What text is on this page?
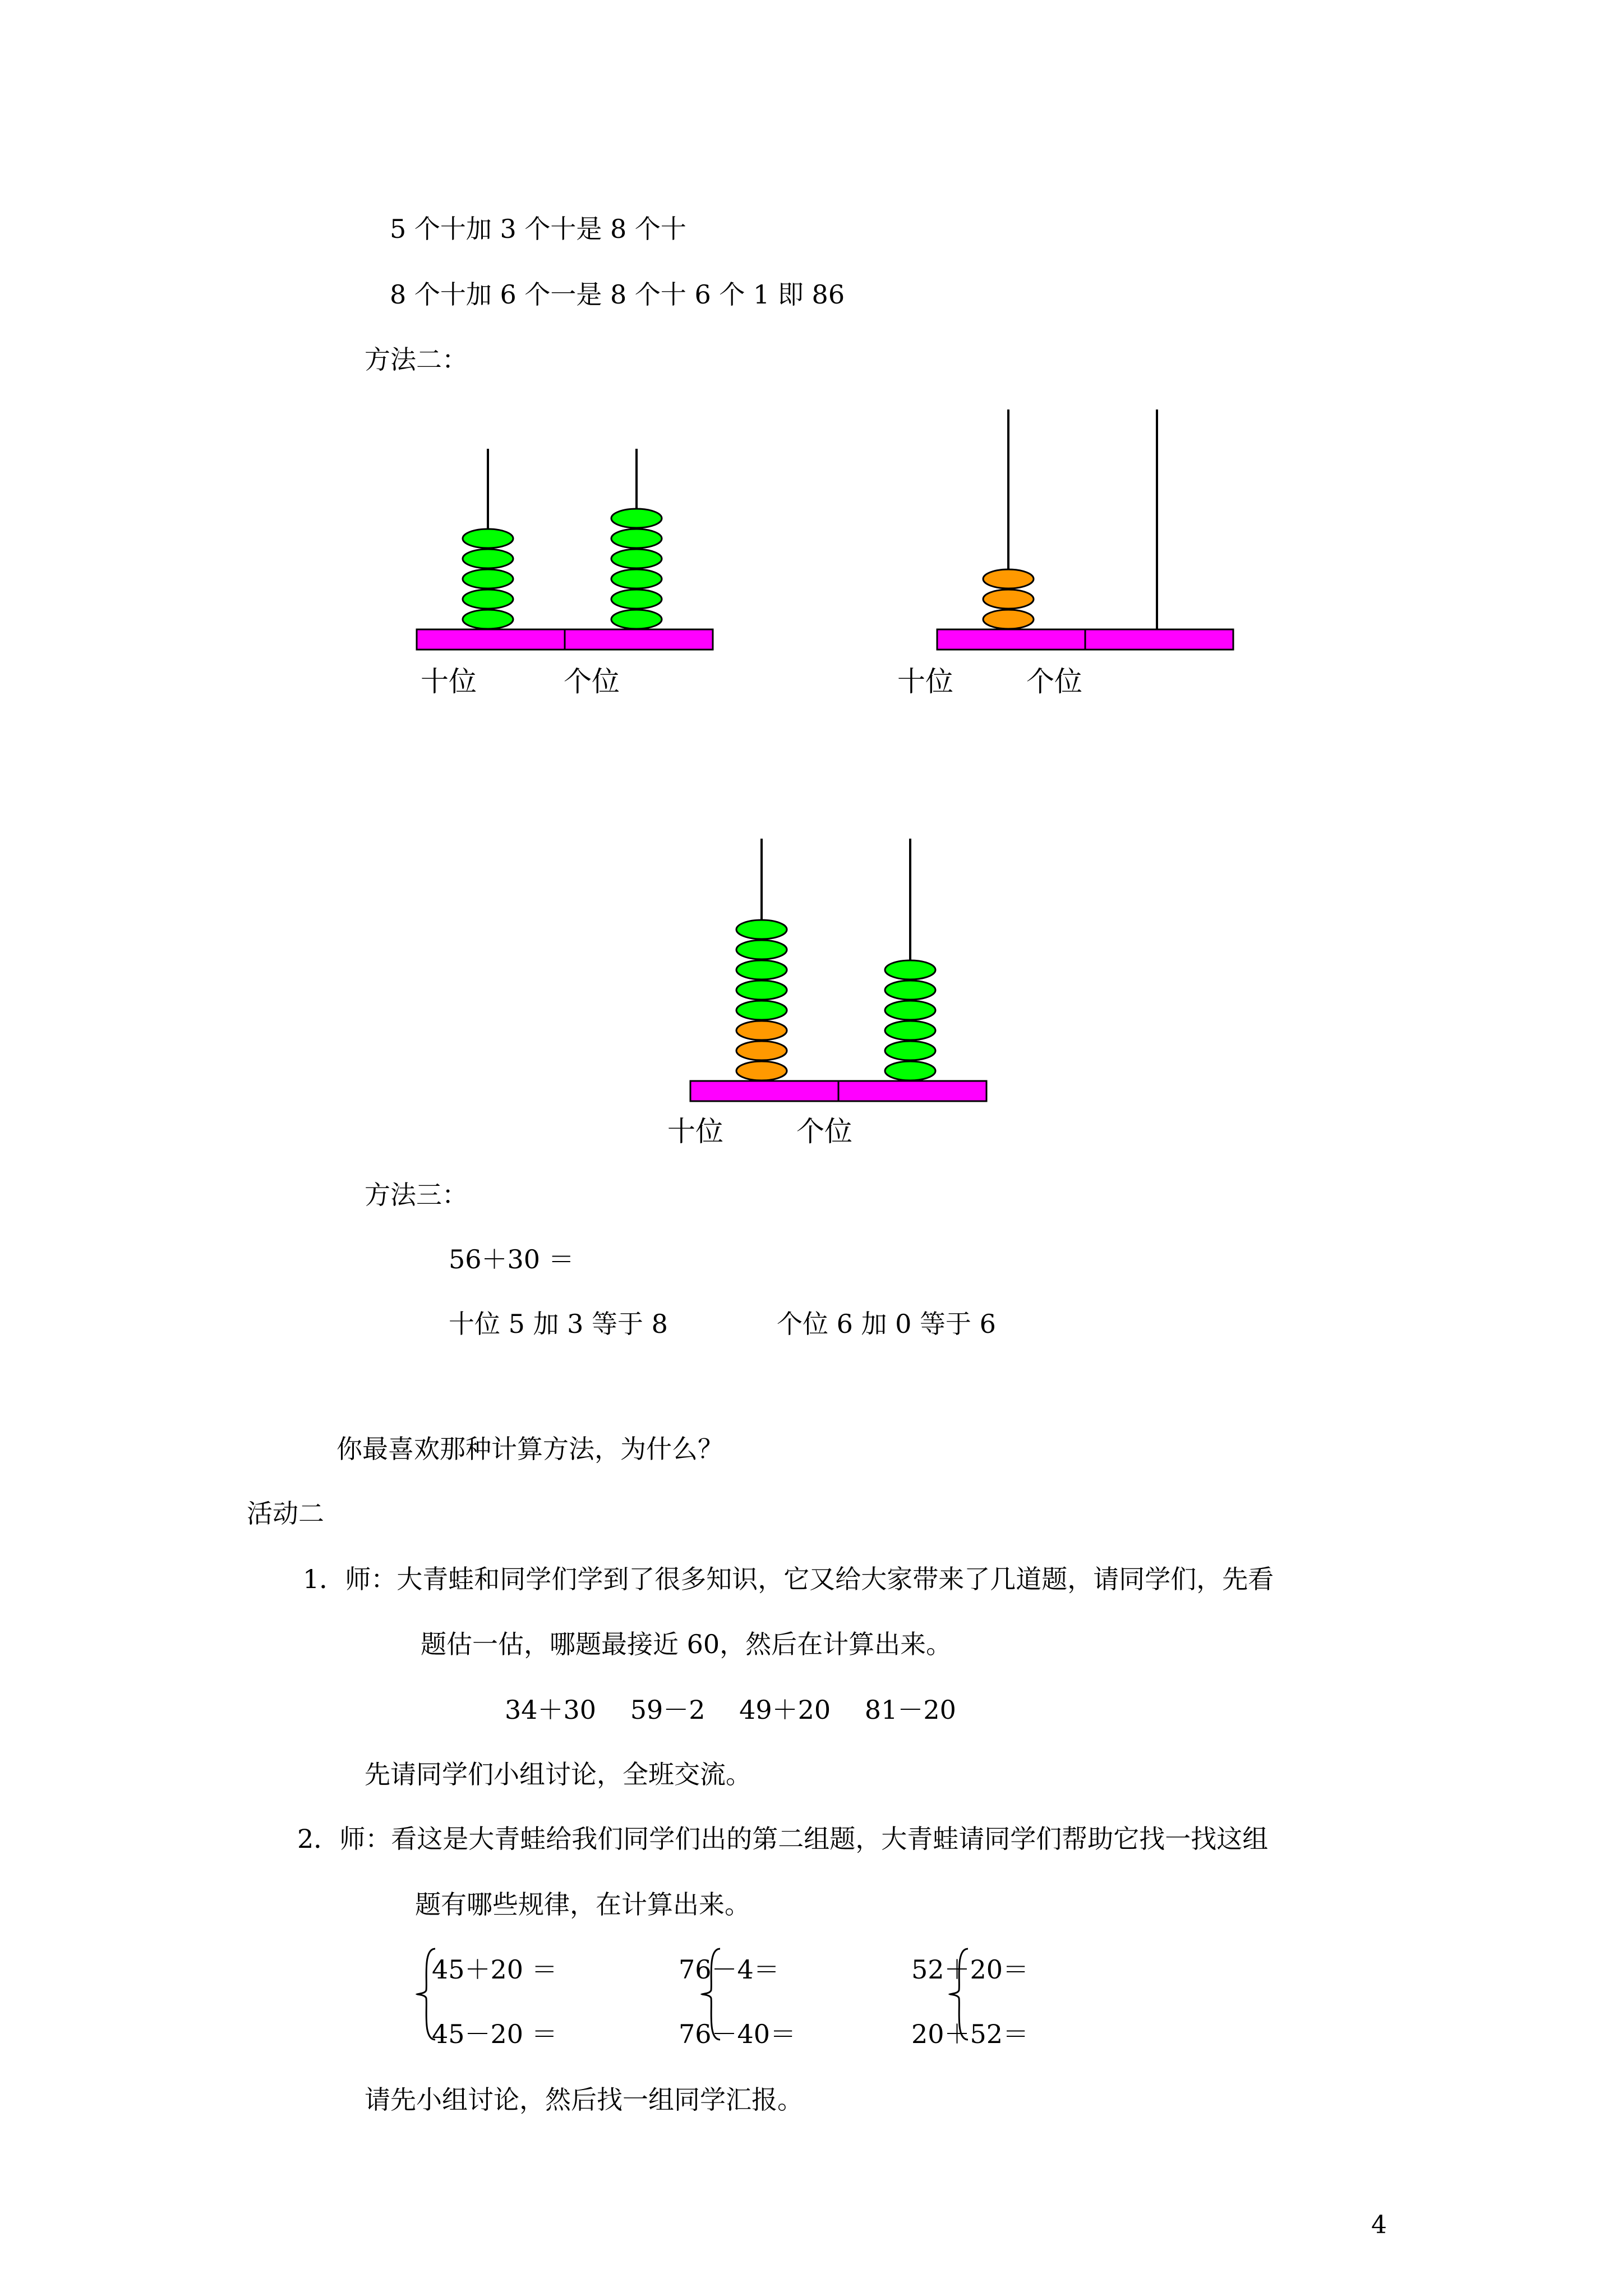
5 个十加 3 个十是 8 个十
8 个十加 6 个一是 8 个十 6 个 1 即 86
方法二：
十位	个位	十位	个位
十位	个位
方法三：
56＋30 ＝
十位 5 加 3 等于 8	个位 6 加 0 等于 6
你最喜欢那种计算方法，为什么？
活动二
1．师：大青蛙和同学们学到了很多知识，它又给大家带来了几道题，请同学们，先看
题估一估，哪题最接近 60，然后在计算出来。
34＋30　 59－2　 49＋20　 81－20
先请同学们小组讨论，全班交流。
2．师：看这是大青蛙给我们同学们出的第二组题，大青蛙请同学们帮助它找一找这组
题有哪些规律，在计算出来。
45＋20 ＝
45－20 ＝
76－4＝
76－40＝
52＋20＝
20＋52＝
请先小组讨论，然后找一组同学汇报。
4
